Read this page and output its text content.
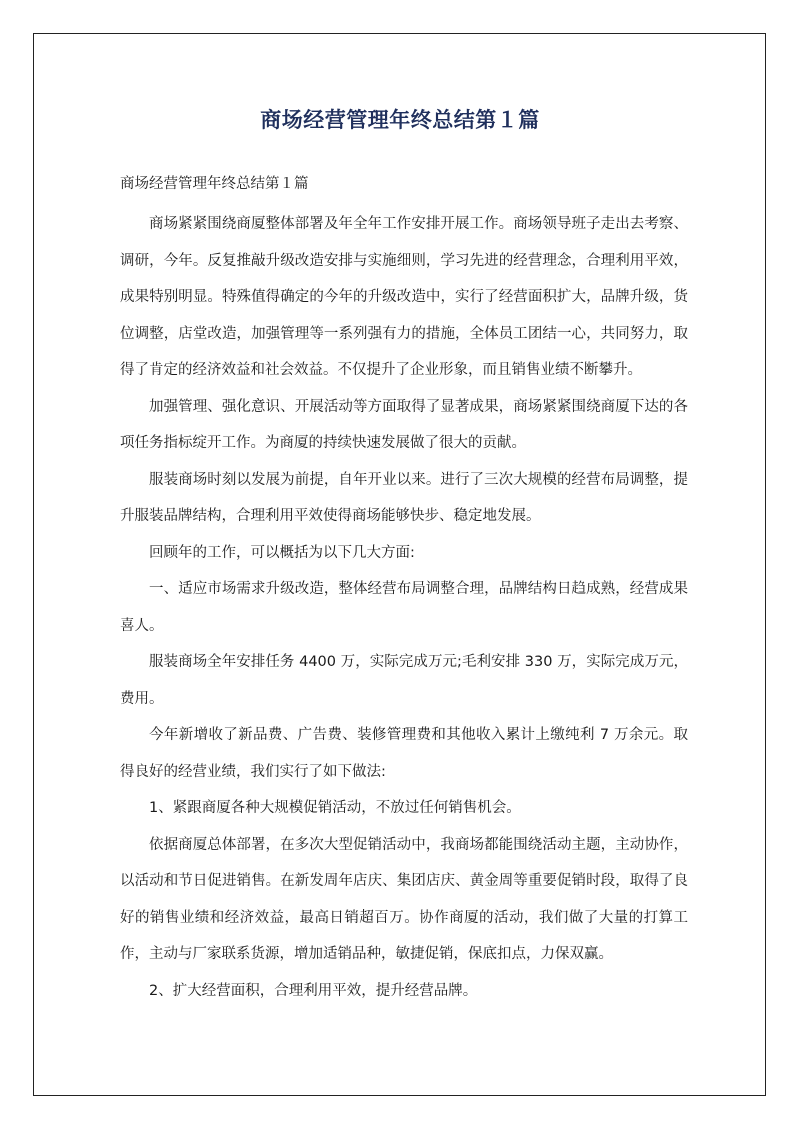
商场经营管理年终总结第１篇
商场经营管理年终总结第１篇

商场紧紧围绕商厦整体部署及年全年工作安排开展工作。商场领导班子走出去考察、调研，今年。反复推敲升级改造安排与实施细则，学习先进的经营理念，合理利用平效，成果特别明显。特殊值得确定的今年的升级改造中，实行了经营面积扩大，品牌升级，货位调整，店堂改造，加强管理等一系列强有力的措施，全体员工团结一心，共同努力，取得了肯定的经济效益和社会效益。不仅提升了企业形象，而且销售业绩不断攀升。

加强管理、强化意识、开展活动等方面取得了显著成果，商场紧紧围绕商厦下达的各项任务指标绽开工作。为商厦的持续快速发展做了很大的贡献。

服装商场时刻以发展为前提，自年开业以来。进行了三次大规模的经营布局调整，提升服装品牌结构，合理利用平效使得商场能够快步、稳定地发展。

回顾年的工作，可以概括为以下几大方面:

一、适应市场需求升级改造，整体经营布局调整合理，品牌结构日趋成熟，经营成果喜人。

服装商场全年安排任务 4400 万，实际完成万元;毛利安排 330 万，实际完成万元，费用。

今年新增收了新品费、广告费、装修管理费和其他收入累计上缴纯利 7 万余元。取得良好的经营业绩，我们实行了如下做法:

1、紧跟商厦各种大规模促销活动，不放过任何销售机会。

依据商厦总体部署，在多次大型促销活动中，我商场都能围绕活动主题，主动协作，以活动和节日促进销售。在新发周年店庆、集团店庆、黄金周等重要促销时段，取得了良好的销售业绩和经济效益，最高日销超百万。协作商厦的活动，我们做了大量的打算工作，主动与厂家联系货源，增加适销品种，敏捷促销，保底扣点，力保双赢。

2、扩大经营面积，合理利用平效，提升经营品牌。
